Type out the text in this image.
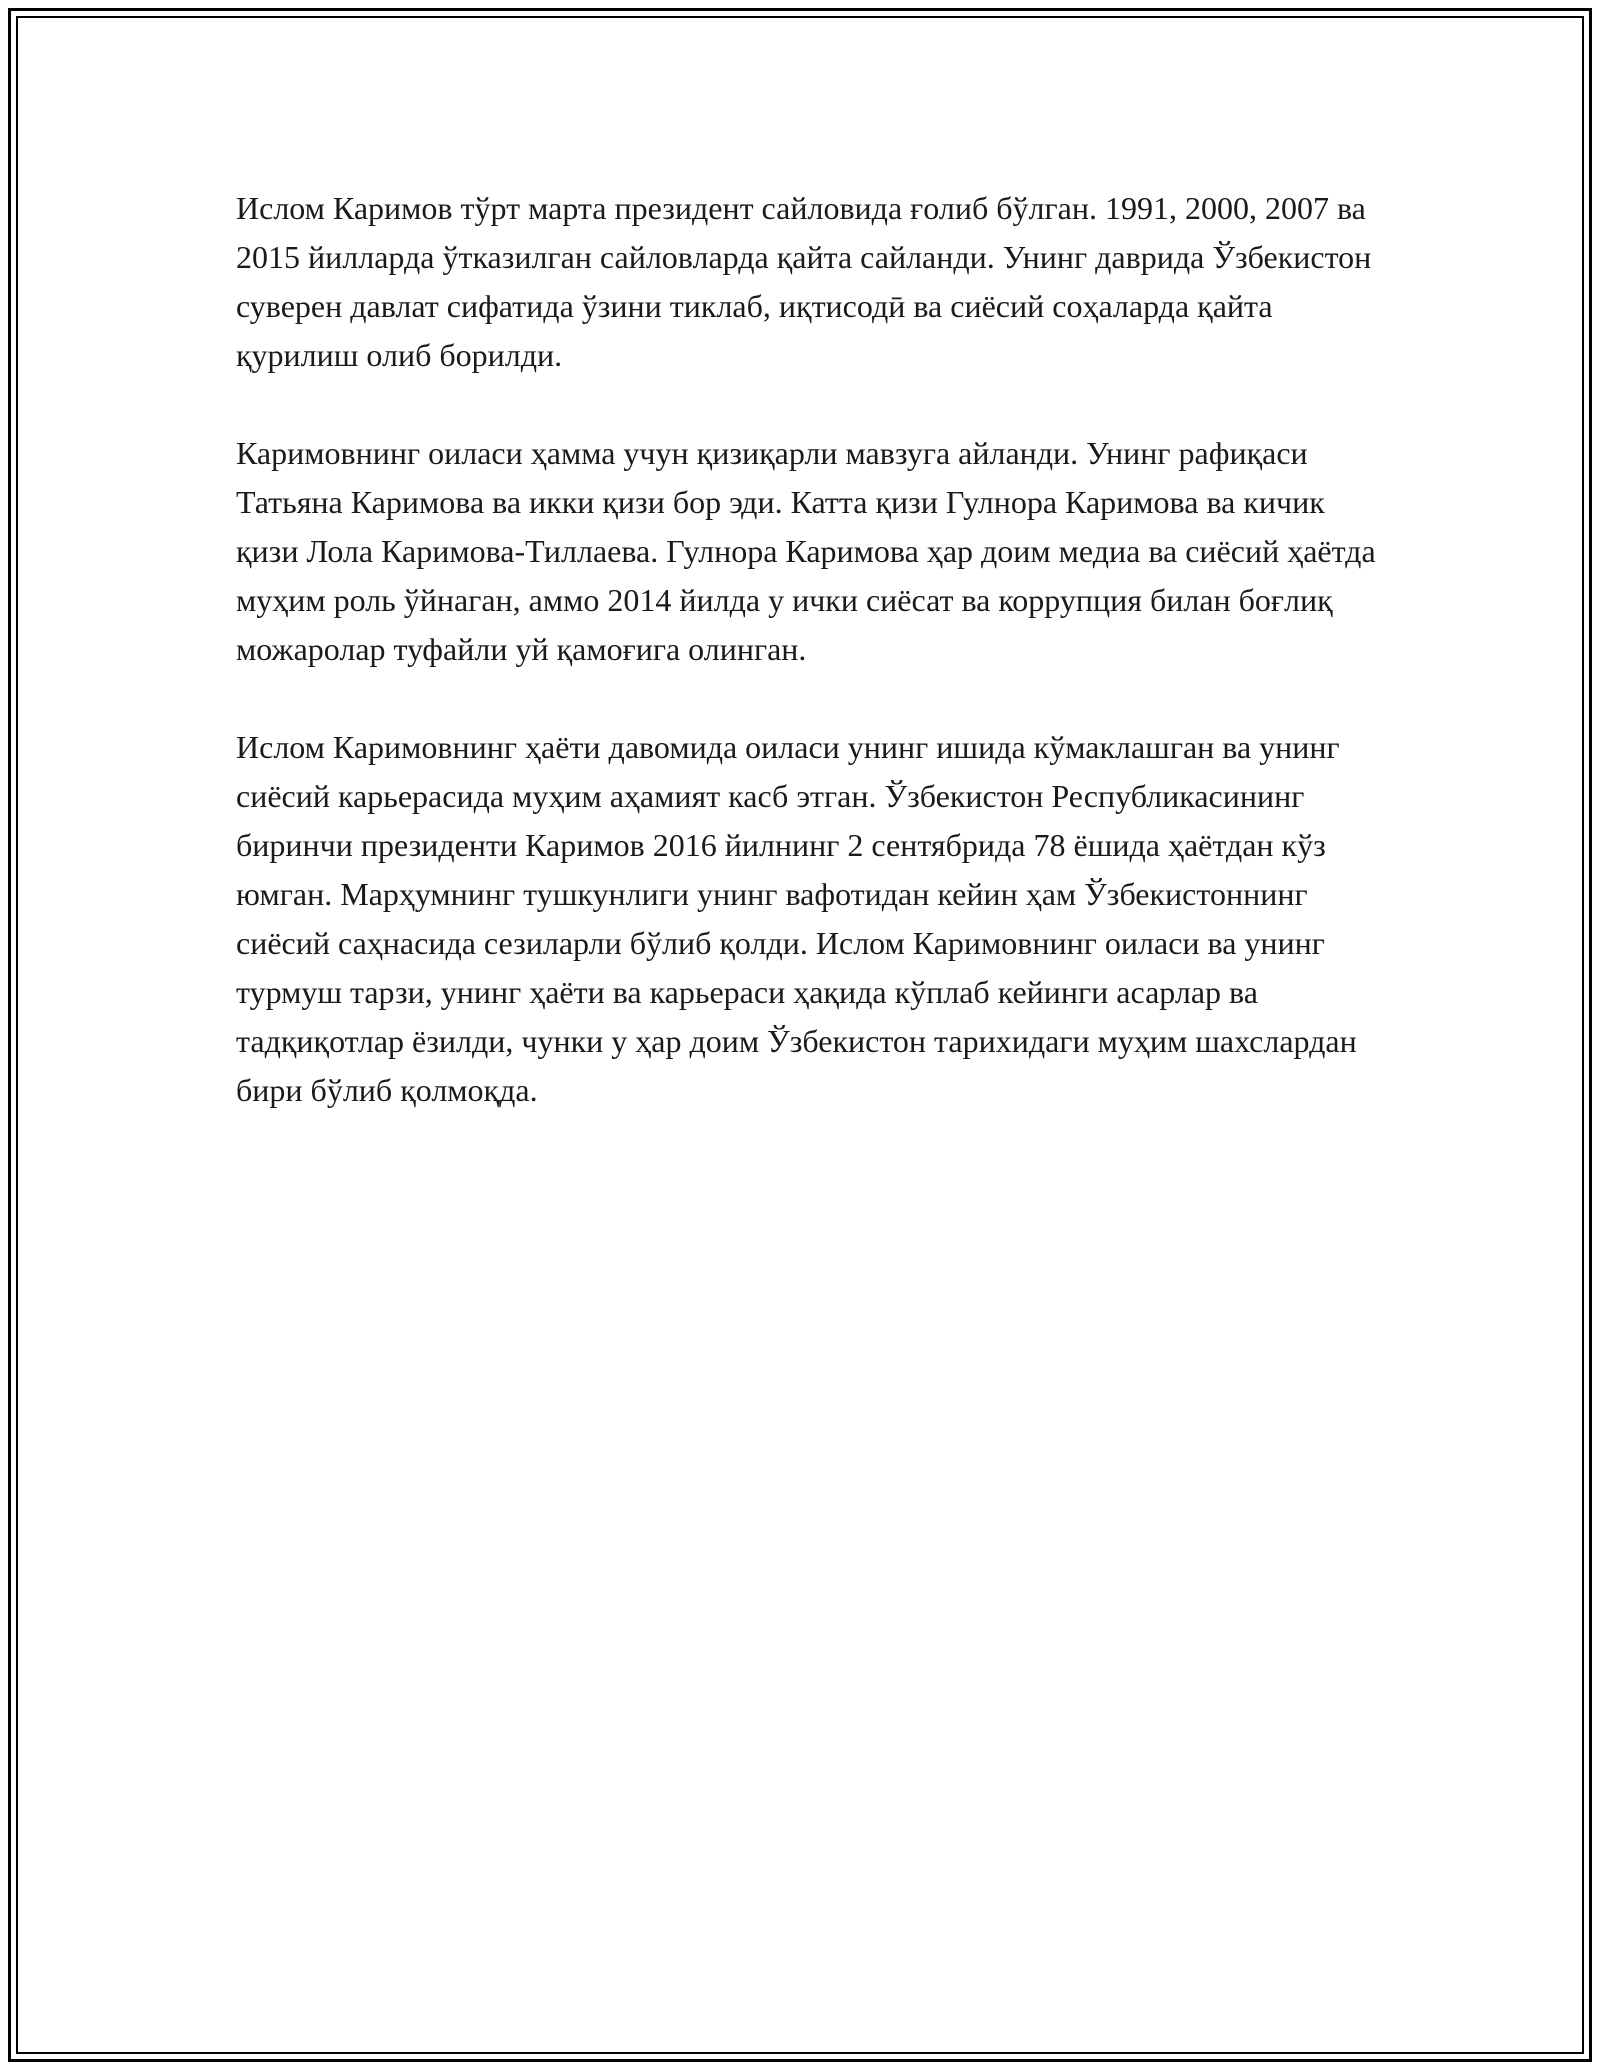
Ислом Каримов тўрт марта президент сайловида ғолиб бўлган. 1991, 2000, 2007 ва 2015 йилларда ўтказилган сайловларда қайта сайланди. Унинг даврида Ўзбекистон суверен давлат сифатида ўзини тиклаб, иқтисодӣ ва сиёсий соҳаларда қайта қурилиш олиб борилди.

Каримовнинг оиласи ҳамма учун қизиқарли мавзуга айланди. Унинг рафиқаси Татьяна Каримова ва икки қизи бор эди. Катта қизи Гулнора Каримова ва кичик қизи Лола Каримова-Тиллаева. Гулнора Каримова ҳар доим медиа ва сиёсий ҳаётда муҳим роль ўйнаган, аммо 2014 йилда у ички сиёсат ва коррупция билан боғлиқ можаролар туфайли уй қамоғига олинган.

Ислом Каримовнинг ҳаёти давомида оиласи унинг ишида кўмаклашган ва унинг сиёсий карьерасида муҳим аҳамият касб этган. Ўзбекистон Республикасининг биринчи президенти Каримов 2016 йилнинг 2 сентябрида 78 ёшида ҳаётдан кўз юмган. Марҳумнинг тушкунлиги унинг вафотидан кейин ҳам Ўзбекистоннинг сиёсий саҳнасида сезиларли бўлиб қолди. Ислом Каримовнинг оиласи ва унинг турмуш тарзи, унинг ҳаёти ва карьераси ҳақида кўплаб кейинги асарлар ва тадқиқотлар ёзилди, чунки у ҳар доим Ўзбекистон тарихидаги муҳим шахслардан бири бўлиб қолмоқда.
